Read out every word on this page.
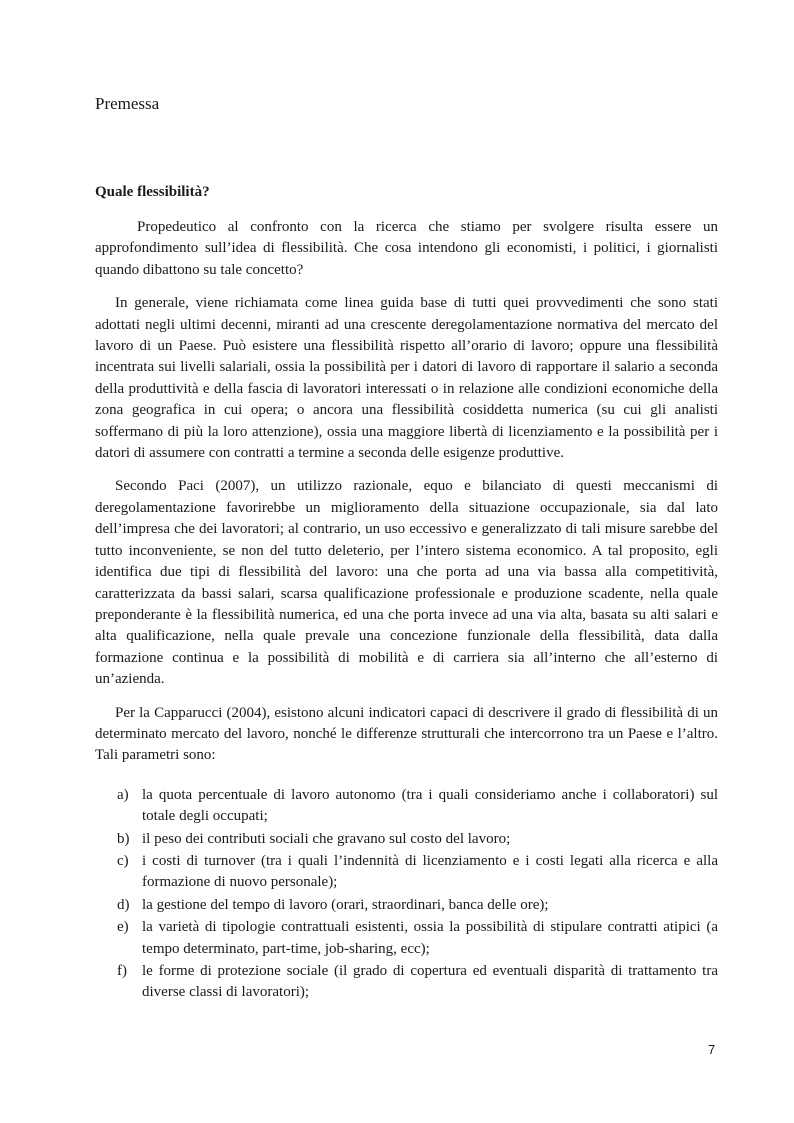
Premessa
Quale flessibilità?

Propedeutico al confronto con la ricerca che stiamo per svolgere risulta essere un approfondimento sull’idea di flessibilità. Che cosa intendono gli economisti, i politici, i giornalisti quando dibattono su tale concetto?

In generale, viene richiamata come linea guida base di tutti quei provvedimenti che sono stati adottati negli ultimi decenni, miranti ad una crescente deregolamentazione normativa del mercato del lavoro di un Paese. Può esistere una flessibilità rispetto all’orario di lavoro; oppure una flessibilità incentrata sui livelli salariali, ossia la possibilità per i datori di lavoro di rapportare il salario a seconda della produttività e della fascia di lavoratori interessati o in relazione alle condizioni economiche della zona geografica in cui opera; o ancora una flessibilità cosiddetta numerica (su cui gli analisti soffermano di più la loro attenzione), ossia una maggiore libertà di licenziamento e la possibilità per i datori di assumere con contratti a termine a seconda delle esigenze produttive.

Secondo Paci (2007), un utilizzo razionale, equo e bilanciato di questi meccanismi di deregolamentazione favorirebbe un miglioramento della situazione occupazionale, sia dal lato dell’impresa che dei lavoratori; al contrario, un uso eccessivo e generalizzato di tali misure sarebbe del tutto inconveniente, se non del tutto deleterio, per l’intero sistema economico. A tal proposito, egli identifica due tipi di flessibilità del lavoro: una che porta ad una via bassa alla competitività, caratterizzata da bassi salari, scarsa qualificazione professionale e produzione scadente, nella quale preponderante è la flessibilità numerica, ed una che porta invece ad una via alta, basata su alti salari e alta qualificazione, nella quale prevale una concezione funzionale della flessibilità, data dalla formazione continua e la possibilità di mobilità e di carriera sia all’interno che all’esterno di un’azienda.

Per la Capparucci (2004), esistono alcuni indicatori capaci di descrivere il grado di flessibilità di un determinato mercato del lavoro, nonché le differenze strutturali che intercorrono tra un Paese e l’altro. Tali parametri sono:

a) la quota percentuale di lavoro autonomo (tra i quali consideriamo anche i collaboratori) sul totale degli occupati;
b) il peso dei contributi sociali che gravano sul costo del lavoro;
c) i costi di turnover (tra i quali l’indennità di licenziamento e i costi legati alla ricerca e alla formazione di nuovo personale);
d) la gestione del tempo di lavoro (orari, straordinari, banca delle ore);
e) la varietà di tipologie contrattuali esistenti, ossia la possibilità di stipulare contratti atipici (a tempo determinato, part-time, job-sharing, ecc);
f) le forme di protezione sociale (il grado di copertura ed eventuali disparità di trattamento tra diverse classi di lavoratori);
7
